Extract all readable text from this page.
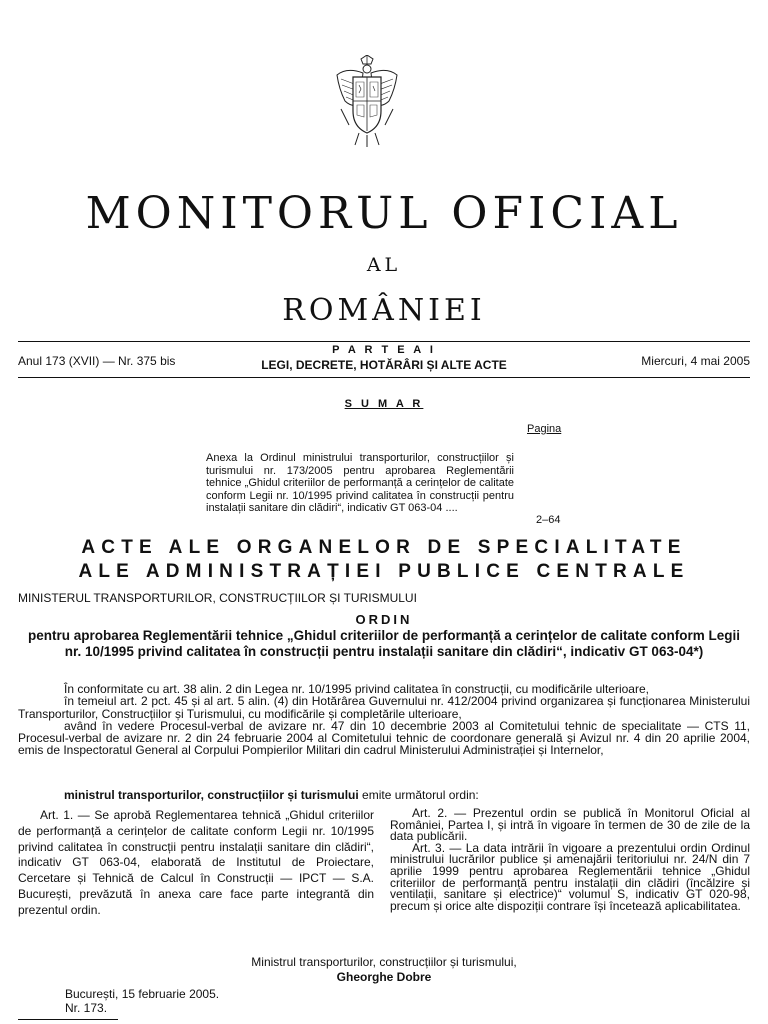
MONITORUL OFICIAL
AL
ROMÂNIEI
Anul 173 (XVII) — Nr. 375 bis
P A R T E A I
LEGI, DECRETE, HOTĂRÂRI ȘI ALTE ACTE	Miercuri, 4 mai 2005
S U M A R
Pagina
Anexa la Ordinul ministrului transporturilor, construcțiilor și turismului nr. 173/2005 pentru aprobarea Reglementării tehnice „Ghidul criteriilor de performanță a cerințelor de calitate conform Legii nr. 10/1995 privind calitatea în construcții pentru instalații sanitare din clădiri“, indicativ GT 063-04 ....
2–64
ACTE ALE ORGANELOR DE SPECIALITATE
ALE ADMINISTRAȚIEI PUBLICE CENTRALE
MINISTERUL TRANSPORTURILOR, CONSTRUCȚIILOR ȘI TURISMULUI
ORDIN
pentru aprobarea Reglementării tehnice „Ghidul criteriilor de performanță a cerințelor de calitate conform Legii nr. 10/1995 privind calitatea în construcții pentru instalații sanitare din clădiri“, indicativ GT 063-04*)

În conformitate cu art. 38 alin. 2 din Legea nr. 10/1995 privind calitatea în construcții, cu modificările ulterioare,

în temeiul art. 2 pct. 45 și al art. 5 alin. (4) din Hotărârea Guvernului nr. 412/2004 privind organizarea și funcționarea Ministerului Transporturilor, Construcțiilor și Turismului, cu modificările și completările ulterioare,

având în vedere Procesul-verbal de avizare nr. 47 din 10 decembrie 2003 al Comitetului tehnic de specialitate — CTS 11, Procesul-verbal de avizare nr. 2 din 24 februarie 2004 al Comitetului tehnic de coordonare generală și Avizul nr. 4 din 20 aprilie 2004, emis de Inspectoratul General al Corpului Pompierilor Militari din cadrul Ministerului Administrației și Internelor,

ministrul transporturilor, construcțiilor și turismului emite următorul ordin:

Art. 1. — Se aprobă Reglementarea tehnică „Ghidul criteriilor de performanță a cerințelor de calitate conform Legii nr. 10/1995 privind calitatea în construcții pentru instalații sanitare din clădiri“, indicativ GT 063-04, elaborată de Institutul de Proiectare, Cercetare și Tehnică de Calcul în Construcții — IPCT — S.A. București, prevăzută în anexa care face parte integrantă din prezentul ordin.

Art. 2. — Prezentul ordin se publică în Monitorul Oficial al României, Partea I, și intră în vigoare în termen de 30 de zile de la data publicării.

Art. 3. — La data intrării în vigoare a prezentului ordin Ordinul ministrului lucrărilor publice și amenajării teritoriului nr. 24/N din 7 aprilie 1999 pentru aprobarea Reglementării tehnice „Ghidul criteriilor de performanță pentru instalații din clădiri (încălzire și ventilații, sanitare și electrice)“ volumul S, indicativ GT 020-98, precum și orice alte dispoziții contrare își încetează aplicabilitatea.

Ministrul transporturilor, construcțiilor și turismului,
Gheorghe Dobre
București, 15 februarie 2005.
Nr. 173.
